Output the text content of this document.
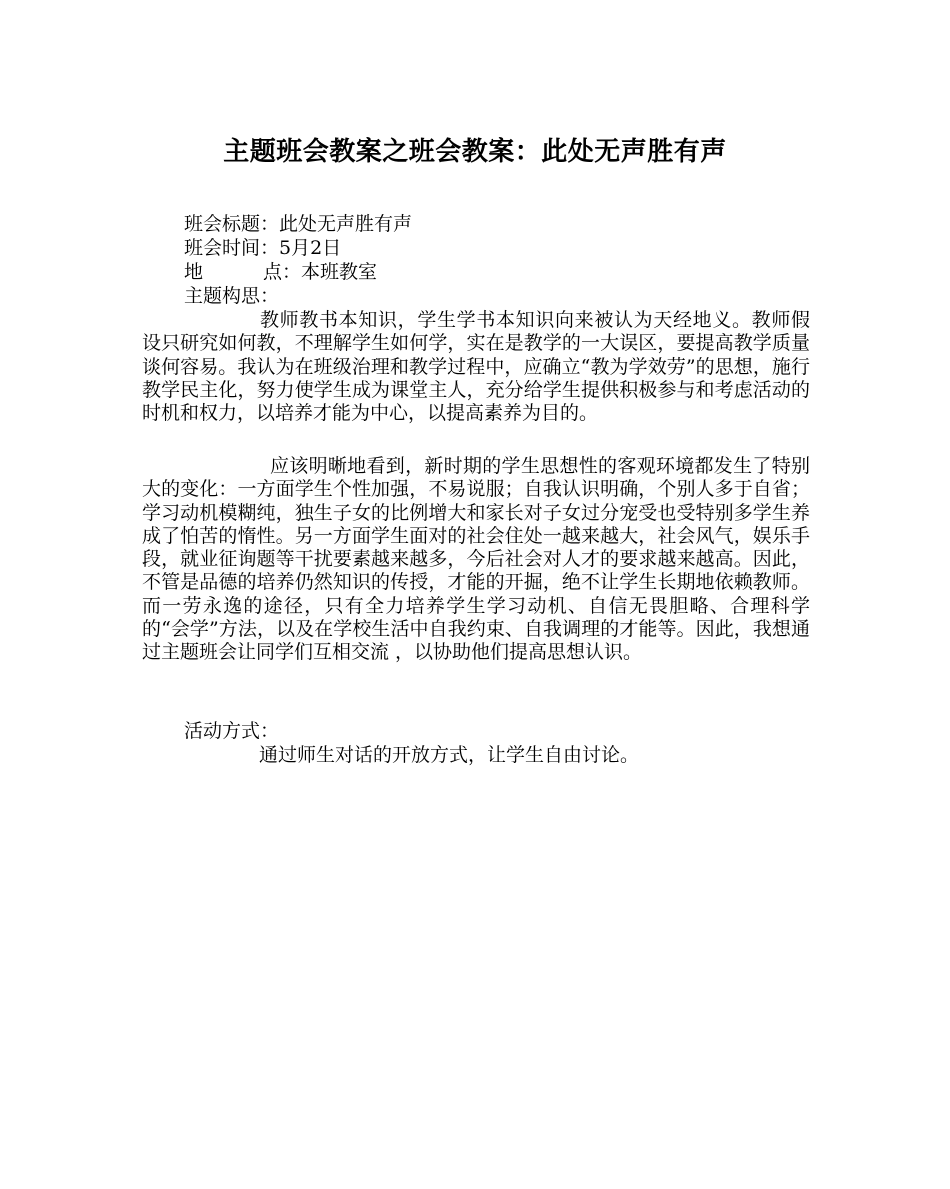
主题班会教案之班会教案：此处无声胜有声

班会标题：此处无声胜有声

班会时间：5月2日

地	点：本班教室

主题构思：

教师教书本知识，学生学书本知识向来被认为天经地义。教师假设只研究如何教，不理解学生如何学，实在是教学的一大误区，要提高教学质量谈何容易。我认为在班级治理和教学过程中，应确立“教为学效劳”的思想，施行教学民主化，努力使学生成为课堂主人，充分给学生提供积极参与和考虑活动的时机和权力，以培养才能为中心，以提高素养为目的。

应该明晰地看到，新时期的学生思想性的客观环境都发生了特别大的变化：一方面学生个性加强，不易说服；自我认识明确，个别人多于自省；学习动机模糊纯，独生子女的比例增大和家长对子女过分宠受也受特别多学生养成了怕苦的惰性。另一方面学生面对的社会住处一越来越大，社会风气，娱乐手段，就业征询题等干扰要素越来越多，今后社会对人才的要求越来越高。因此，不管是品德的培养仍然知识的传授，才能的开掘，绝不让学生长期地依赖教师。而一劳永逸的途径，只有全力培养学生学习动机、自信无畏胆略、合理科学的“会学”方法，以及在学校生活中自我约束、自我调理的才能等。因此，我想通过主题班会让同学们互相交流 ，以协助他们提高思想认识。

活动方式：

通过师生对话的开放方式，让学生自由讨论。
